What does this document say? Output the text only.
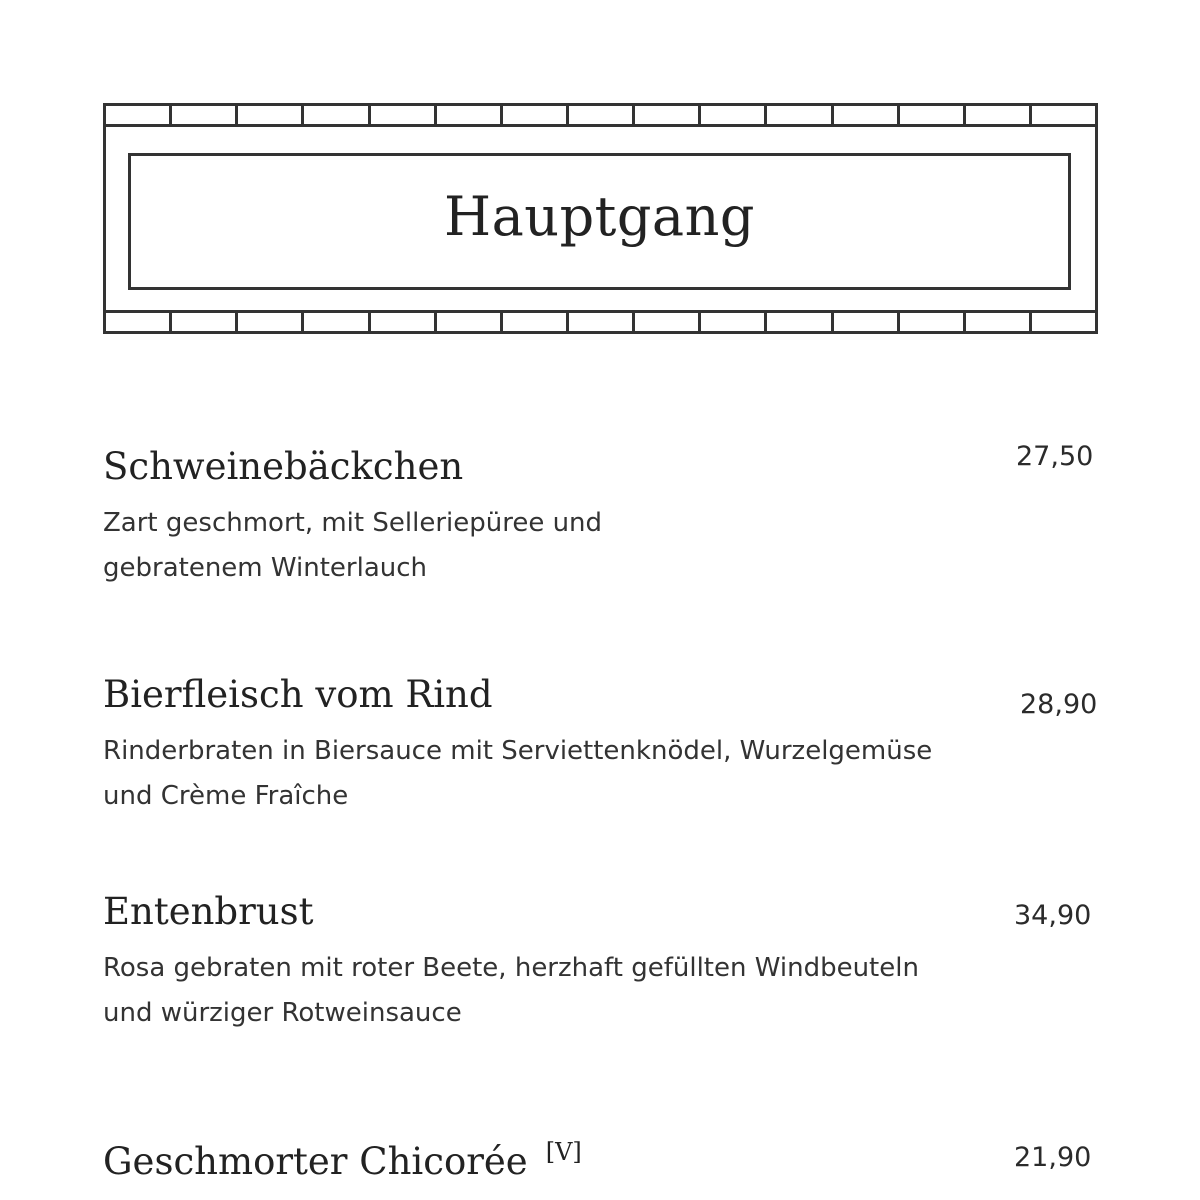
Hauptgang
Schweinebäckchen	27,50
Zart geschmort, mit Selleriepüree und
gebratenem Winterlauch
Bierfleisch vom Rind	28,90
Rinderbraten in Biersauce mit Serviettenknödel, Wurzelgemüse
und Crème Fraîche
Entenbrust	34,90
Rosa gebraten mit roter Beete, herzhaft gefüllten Windbeuteln
und würziger Rotweinsauce
Geschmorter Chicorée [V]	21,90
